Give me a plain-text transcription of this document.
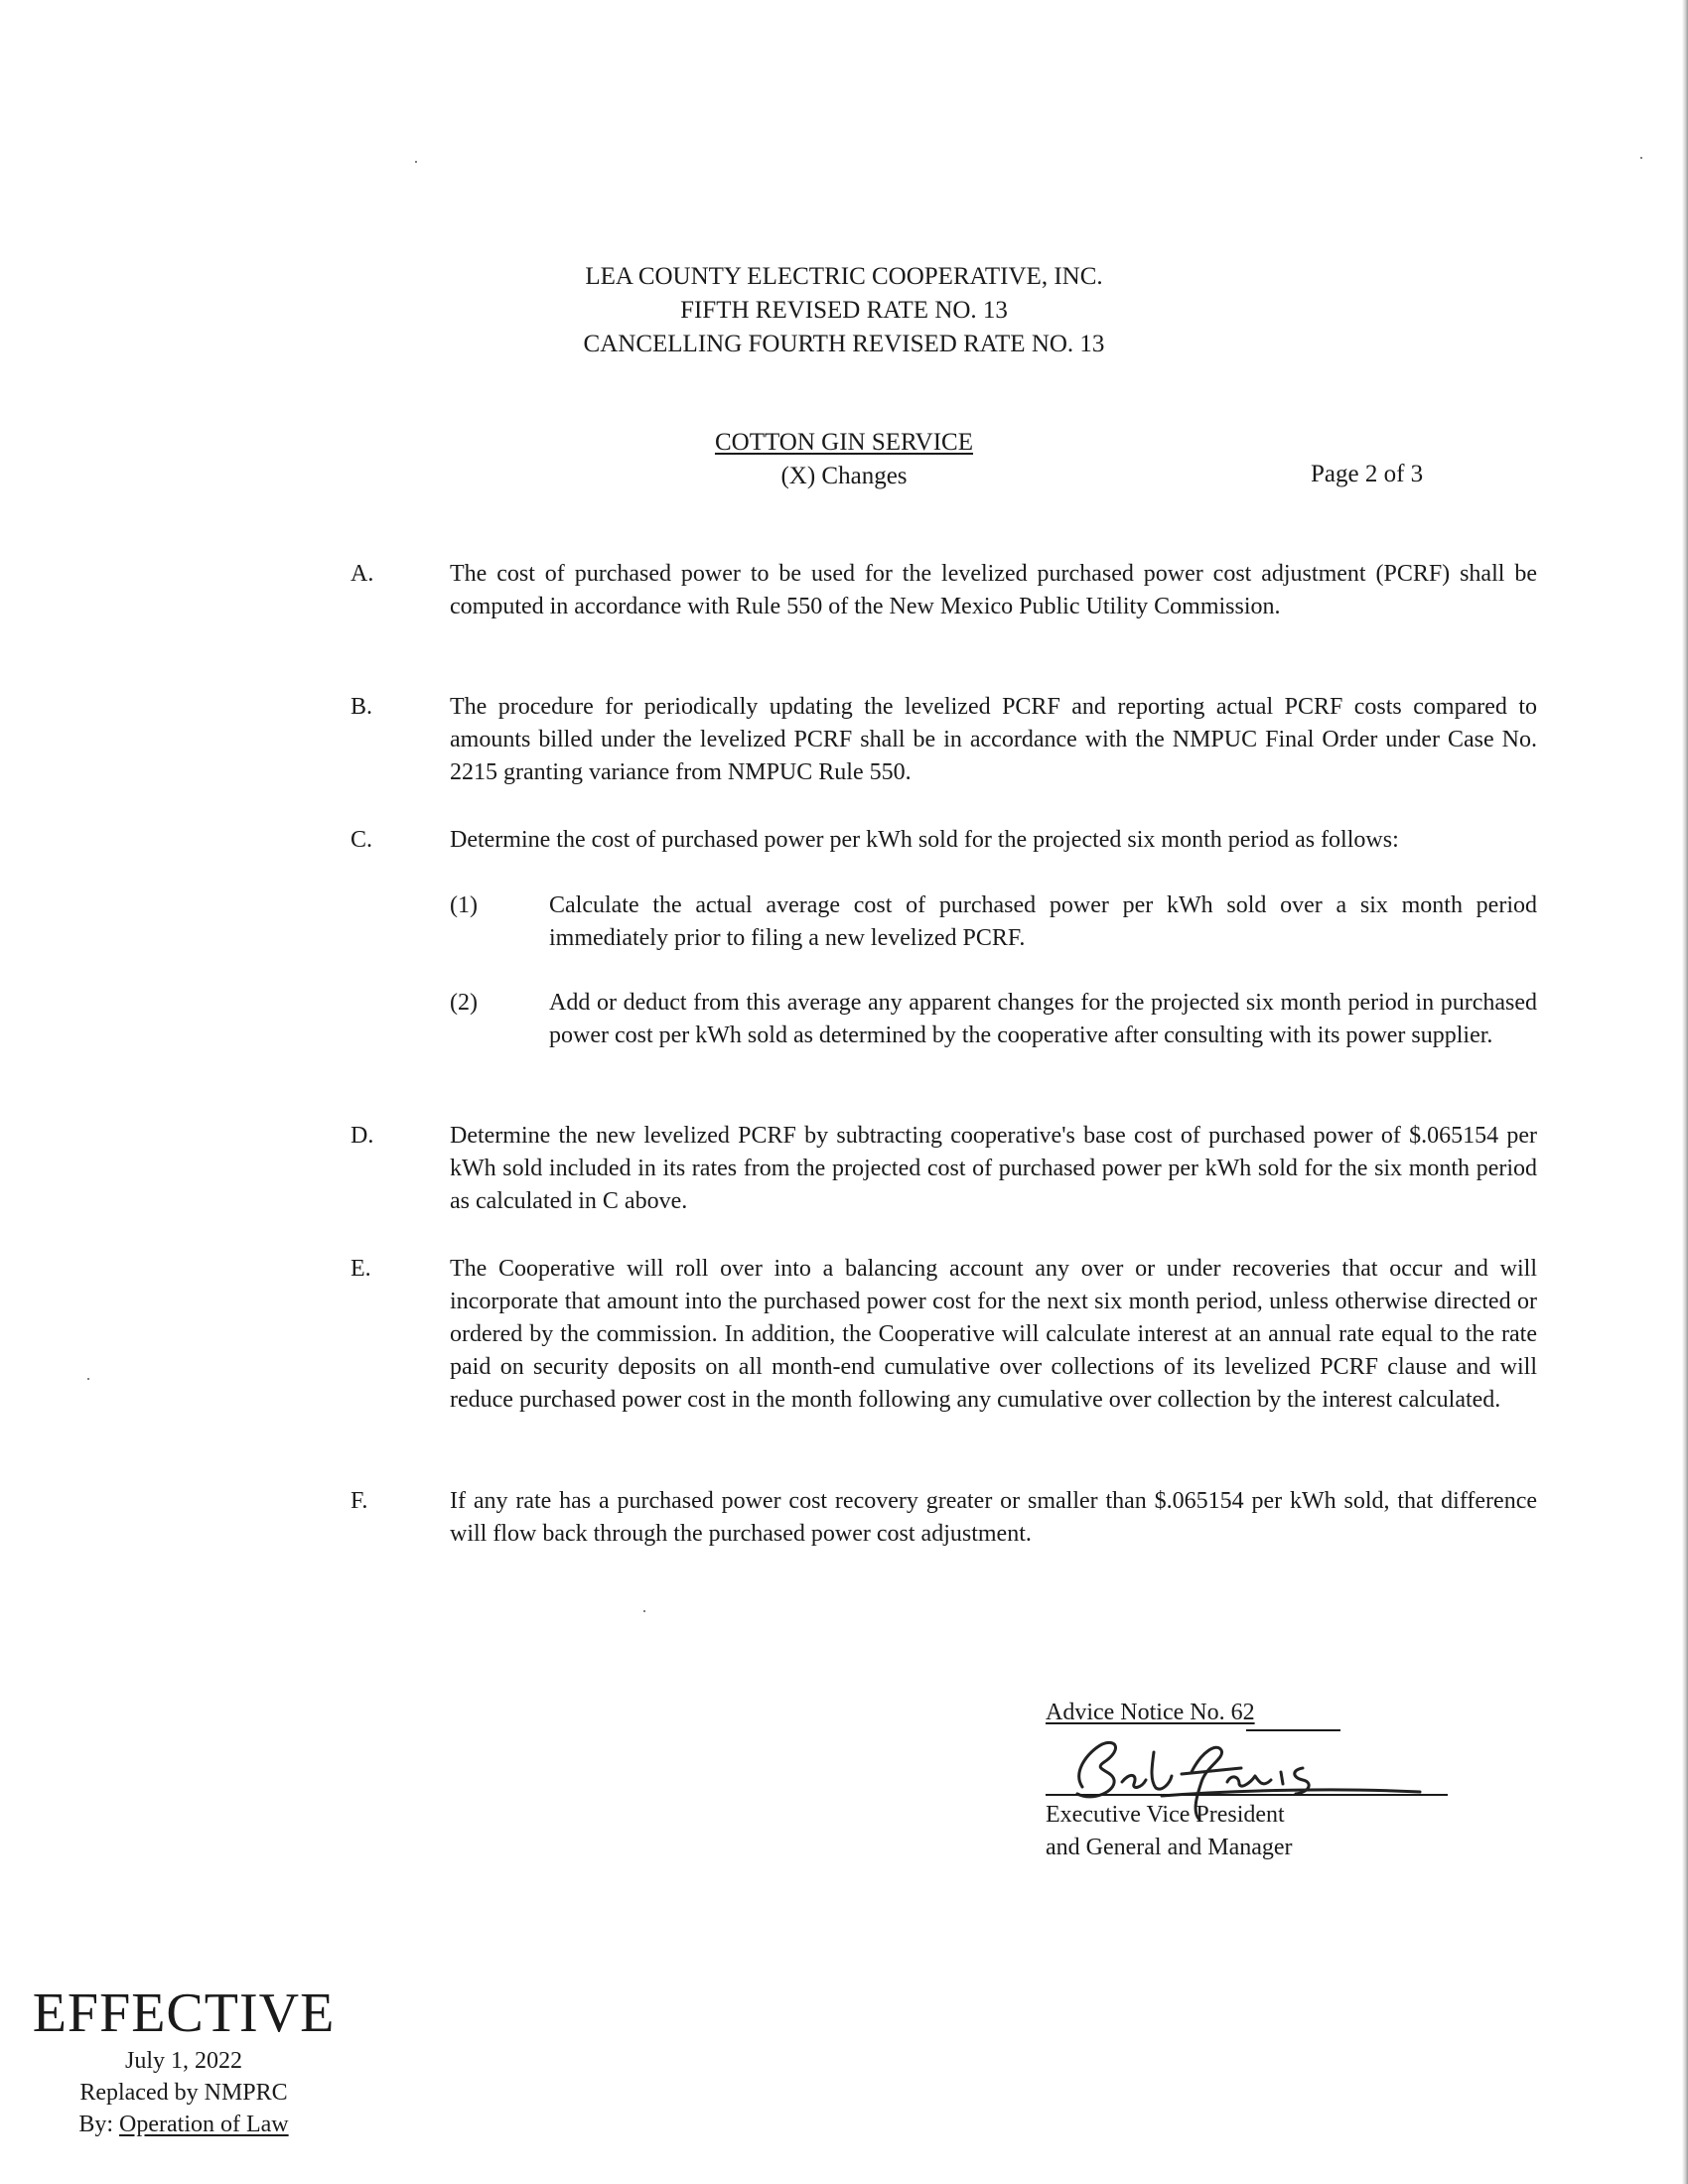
LEA COUNTY ELECTRIC COOPERATIVE, INC.
FIFTH REVISED RATE NO. 13
CANCELLING FOURTH REVISED RATE NO. 13
COTTON GIN SERVICE
(X) Changes	Page 2 of 3
A.	The cost of purchased power to be used for the levelized purchased power cost adjustment (PCRF) shall be computed in accordance with Rule 550 of the New Mexico Public Utility Commission.
B.	The procedure for periodically updating the levelized PCRF and reporting actual PCRF costs compared to amounts billed under the levelized PCRF shall be in accordance with the NMPUC Final Order under Case No. 2215 granting variance from NMPUC Rule 550.
C.	Determine the cost of purchased power per kWh sold for the projected six month period as follows:
(1)	Calculate the actual average cost of purchased power per kWh sold over a six month period immediately prior to filing a new levelized PCRF.
(2)	Add or deduct from this average any apparent changes for the projected six month period in purchased power cost per kWh sold as determined by the cooperative after consulting with its power supplier.
D.	Determine the new levelized PCRF by subtracting cooperative's base cost of purchased power of $.065154 per kWh sold included in its rates from the projected cost of purchased power per kWh sold for the six month period as calculated in C above.
E.	The Cooperative will roll over into a balancing account any over or under recoveries that occur and will incorporate that amount into the purchased power cost for the next six month period, unless otherwise directed or ordered by the commission. In addition, the Cooperative will calculate interest at an annual rate equal to the rate paid on security deposits on all month-end cumulative over collections of its levelized PCRF clause and will reduce purchased power cost in the month following any cumulative over collection by the interest calculated.
F.	If any rate has a purchased power cost recovery greater or smaller than $.065154 per kWh sold, that difference will flow back through the purchased power cost adjustment.
Advice Notice No. 62
Executive Vice President
and General and Manager
EFFECTIVE
July 1, 2022
Replaced by NMPRC
By: Operation of Law
